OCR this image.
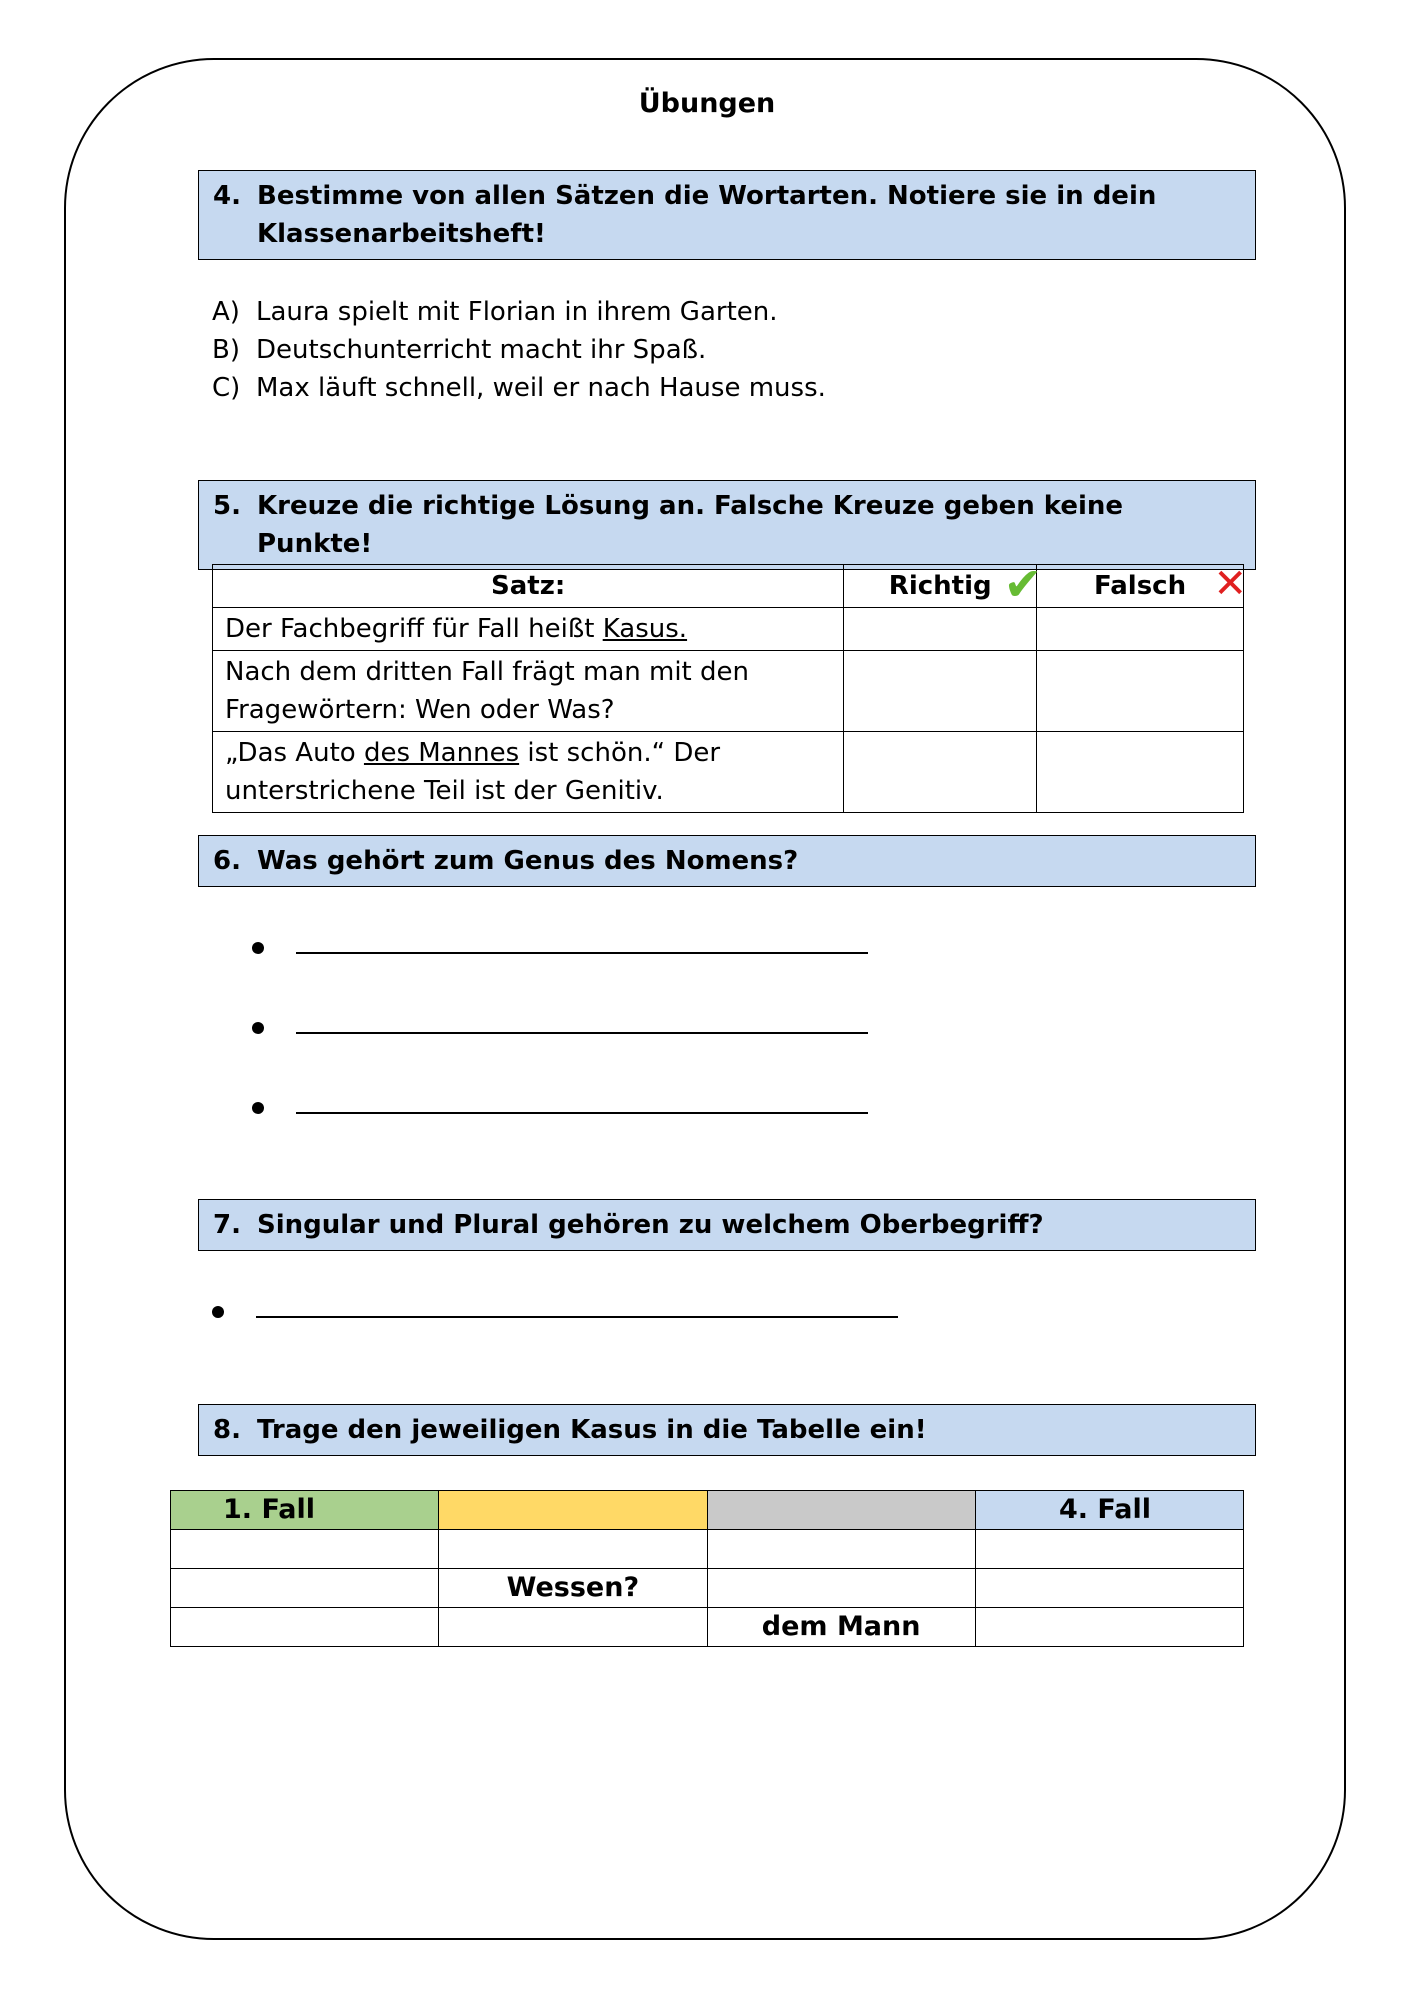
Übungen
4. Bestimme von allen Sätzen die Wortarten. Notiere sie in dein Klassenarbeitsheft!
A) Laura spielt mit Florian in ihrem Garten.
B) Deutschunterricht macht ihr Spaß.
C) Max läuft schnell, weil er nach Hause muss.
5. Kreuze die richtige Lösung an. Falsche Kreuze geben keine Punkte!
Satz:	Richtig ✔	Falsch ✕

Der Fachbegriff für Fall heißt Kasus.		
Nach dem dritten Fall frägt man mit den Fragewörtern: Wen oder Was?		
„Das Auto des Mannes ist schön.“ Der unterstrichene Teil ist der Genitiv.		
6. Was gehört zum Genus des Nomens?
7. Singular und Plural gehören zu welchem Oberbegriff?
8. Trage den jeweiligen Kasus in die Tabelle ein!
1. Fall			4. Fall

	Wessen?		
		dem Mann	
